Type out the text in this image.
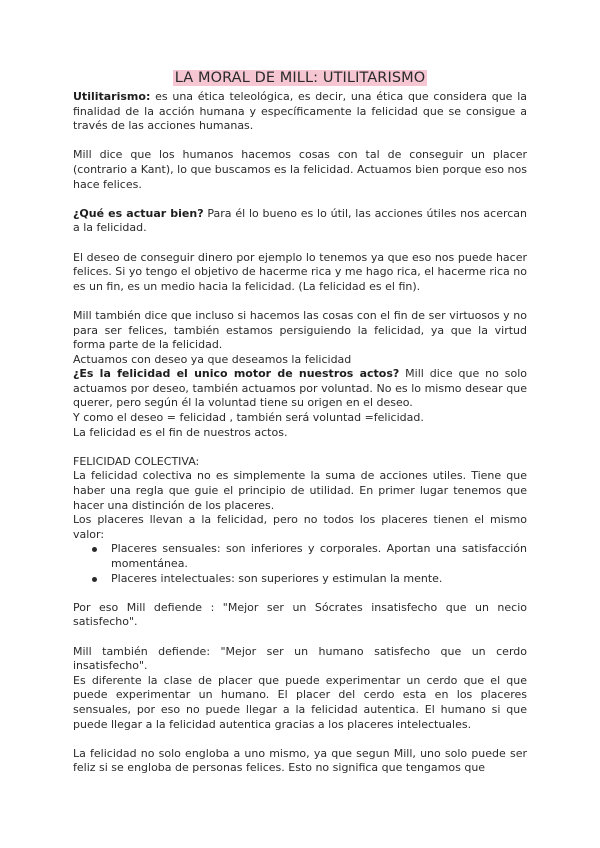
LA MORAL DE MILL: UTILITARISMO

Utilitarismo: es una ética teleológica, es decir, una ética que considera que la finalidad de la acción humana y específicamente la felicidad que se consigue a través de las acciones humanas.

Mill dice que los humanos hacemos cosas con tal de conseguir un placer (contrario a Kant), lo que buscamos es la felicidad. Actuamos bien porque eso nos hace felices.

¿Qué es actuar bien? Para él lo bueno es lo útil, las acciones útiles nos acercan a la felicidad.

El deseo de conseguir dinero por ejemplo lo tenemos ya que eso nos puede hacer felices. Si yo tengo el objetivo de hacerme rica y me hago rica, el hacerme rica no es un fin, es un medio hacia la felicidad. (La felicidad es el fin).

Mill también dice que incluso si hacemos las cosas con el fin de ser virtuosos y no para ser felices, también estamos persiguiendo la felicidad, ya que la virtud forma parte de la felicidad.

Actuamos con deseo ya que deseamos la felicidad

¿Es la felicidad el unico motor de nuestros actos? Mill dice que no solo actuamos por deseo, también actuamos por voluntad. No es lo mismo desear que querer, pero según él la voluntad tiene su origen en el deseo.

Y como el deseo = felicidad , también será voluntad =felicidad.

La felicidad es el fin de nuestros actos.

FELICIDAD COLECTIVA:

La felicidad colectiva no es simplemente la suma de acciones utiles. Tiene que haber una regla que guie el principio de utilidad. En primer lugar tenemos que hacer una distinción de los placeres.

Los placeres llevan a la felicidad, pero no todos los placeres tienen el mismo valor:

Placeres sensuales: son inferiores y corporales. Aportan una satisfacción momentánea.
Placeres intelectuales: son superiores y estimulan la mente.

Por eso Mill defiende : "Mejor ser un Sócrates insatisfecho que un necio satisfecho".

Mill también defiende: "Mejor ser un humano satisfecho que un cerdo insatisfecho".

Es diferente la clase de placer que puede experimentar un cerdo que el que puede experimentar un humano. El placer del cerdo esta en los placeres sensuales, por eso no puede llegar a la felicidad autentica. El humano si que puede llegar a la felicidad autentica gracias a los placeres intelectuales.

La felicidad no solo engloba a uno mismo, ya que segun Mill, uno solo puede ser feliz si se engloba de personas felices. Esto no significa que tengamos que
